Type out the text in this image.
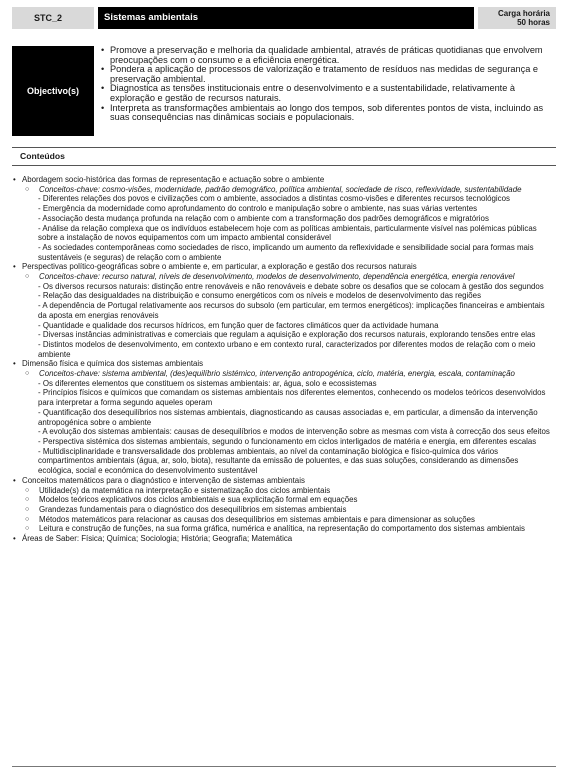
STC_2	Sistemas ambientais	Carga horária
50 horas
Objectivo(s)
• Promove a preservação e melhoria da qualidade ambiental, através de práticas quotidianas que envolvem preocupações com o consumo e a eficiência energética.
• Pondera a aplicação de processos de valorização e tratamento de resíduos nas medidas de segurança e preservação ambiental.
• Diagnostica as tensões institucionais entre o desenvolvimento e a sustentabilidade, relativamente à exploração e gestão de recursos naturais.
• Interpreta as transformações ambientais ao longo dos tempos, sob diferentes pontos de vista, incluindo as suas consequências nas dinâmicas sociais e populacionais.
Conteúdos
• Abordagem socio-histórica das formas de representação e actuação sobre o ambiente
○ Conceitos-chave: cosmo-visões, modernidade, padrão demográfico, política ambiental, sociedade de risco, reflexividade, sustentabilidade
- Diferentes relações dos povos e civilizações com o ambiente, associados a distintas cosmo-visões e diferentes recursos tecnológicos
- Emergência da modernidade como aprofundamento do controlo e manipulação sobre o ambiente, nas suas várias vertentes
- Associação desta mudança profunda na relação com o ambiente com a transformação dos padrões demográficos e migratórios
- Análise da relação complexa que os indivíduos estabelecem hoje com as políticas ambientais, particularmente visível nas polémicas públicas sobre a instalação de novos equipamentos com um impacto ambiental considerável
- As sociedades contemporâneas como sociedades de risco, implicando um aumento da reflexividade e sensibilidade social para formas mais sustentáveis (e seguras) de relação com o ambiente
• Perspectivas político-geográficas sobre o ambiente e, em particular, a exploração e gestão dos recursos naturais
○ Conceitos-chave: recurso natural, níveis de desenvolvimento, modelos de desenvolvimento, dependência energética, energia renovável
- Os diversos recursos naturais: distinção entre renováveis e não renováveis e debate sobre os desafios que se colocam à gestão dos segundos
- Relação das desigualdades na distribuição e consumo energéticos com os níveis e modelos de desenvolvimento das regiões
- A dependência de Portugal relativamente aos recursos do subsolo (em particular, em termos energéticos): implicações financeiras e ambientais da aposta em energias renováveis
- Quantidade e qualidade dos recursos hídricos, em função quer de factores climáticos quer da actividade humana
- Diversas instâncias administrativas e comerciais que regulam a aquisição e exploração dos recursos naturais, explorando tensões entre elas
- Distintos modelos de desenvolvimento, em contexto urbano e em contexto rural, caracterizados por diferentes modos de relação com o meio ambiente
• Dimensão física e química dos sistemas ambientais
○ Conceitos-chave: sistema ambiental, (des)equilíbrio sistémico, intervenção antropogénica, ciclo, matéria, energia, escala, contaminação
- Os diferentes elementos que constituem os sistemas ambientais: ar, água, solo e ecossistemas
- Princípios físicos e químicos que comandam os sistemas ambientais nos diferentes elementos, conhecendo os modelos teóricos desenvolvidos para interpretar a forma segundo aqueles operam
- Quantificação dos desequilíbrios nos sistemas ambientais, diagnosticando as causas associadas e, em particular, a dimensão da intervenção antropogénica sobre o ambiente
- A evolução dos sistemas ambientais: causas de desequilíbrios e modos de intervenção sobre as mesmas com vista à correcção dos seus efeitos
- Perspectiva sistémica dos sistemas ambientais, segundo o funcionamento em ciclos interligados de matéria e energia, em diferentes escalas
- Multidisciplinaridade e transversalidade dos problemas ambientais, ao nível da contaminação biológica e físico-química dos vários compartimentos ambientais (água, ar, solo, biota), resultante da emissão de poluentes, e das suas soluções, considerando as dimensões ecológica, social e económica do desenvolvimento sustentável
• Conceitos matemáticos para o diagnóstico e intervenção de sistemas ambientais
○ Utilidade(s) da matemática na interpretação e sistematização dos ciclos ambientais
○ Modelos teóricos explicativos dos ciclos ambientais e sua explicitação formal em equações
○ Grandezas fundamentais para o diagnóstico dos desequilíbrios em sistemas ambientais
○ Métodos matemáticos para relacionar as causas dos desequilíbrios em sistemas ambientais e para dimensionar as soluções
○ Leitura e construção de funções, na sua forma gráfica, numérica e analítica, na representação do comportamento dos sistemas ambientais
• Áreas de Saber: Física; Química; Sociologia; História; Geografia; Matemática
